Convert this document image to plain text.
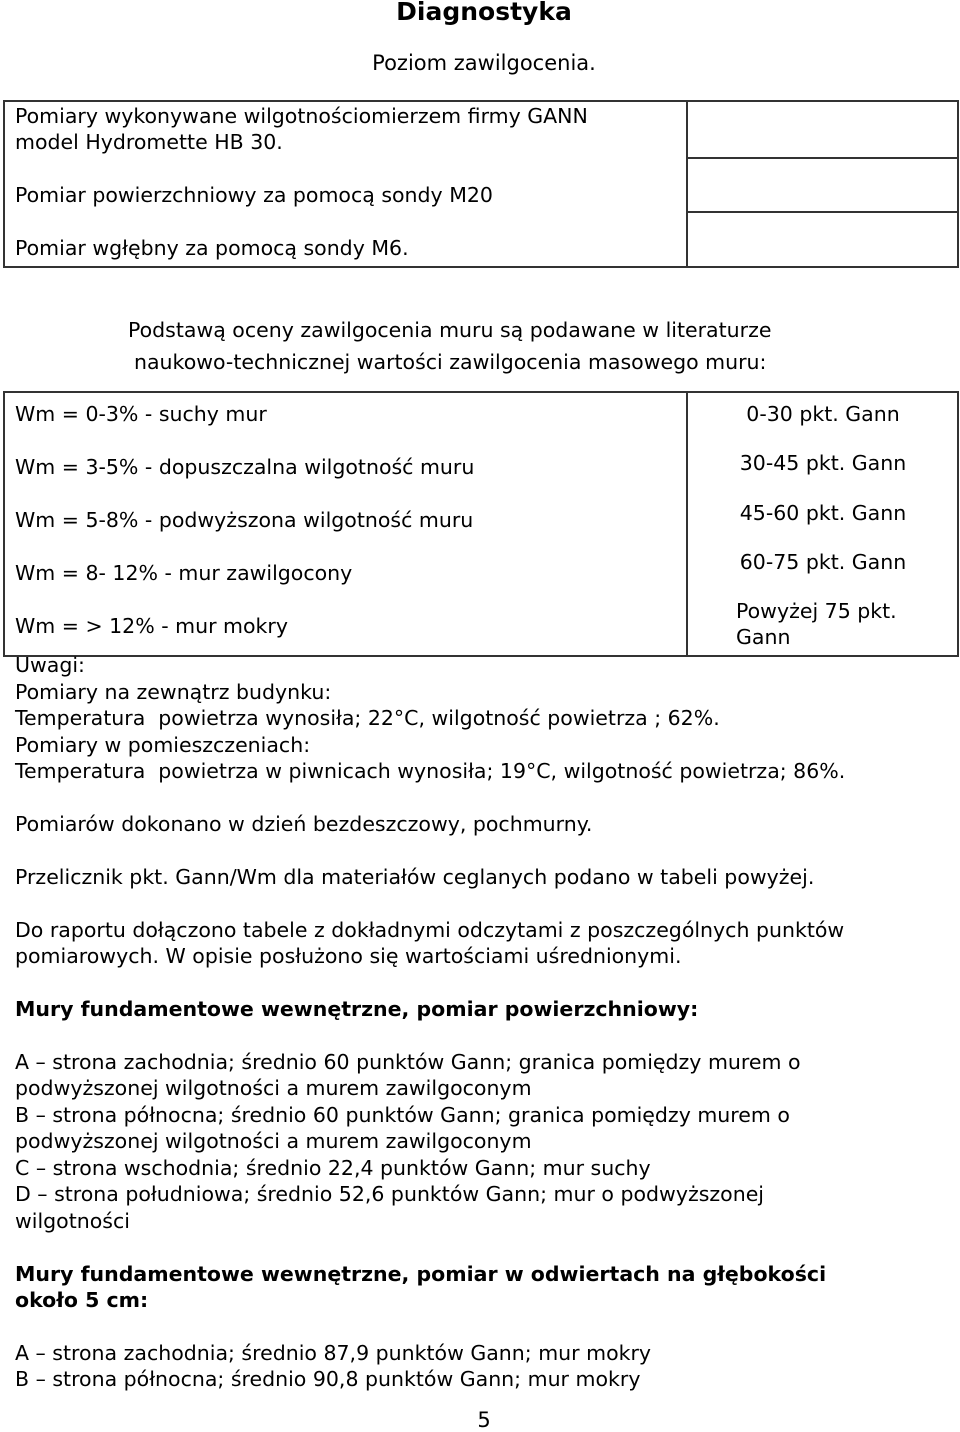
Diagnostyka
Poziom zawilgocenia.
Pomiary wykonywane wilgotnościomierzem firmy GANN
model Hydromette HB 30.
Pomiar powierzchniowy za pomocą sondy M20
Pomiar wgłębny za pomocą sondy M6.
Podstawą oceny zawilgocenia muru są podawane w literaturze
naukowo-technicznej wartości zawilgocenia masowego muru:
Wm = 0-3% - suchy mur
Wm = 3-5% - dopuszczalna wilgotność muru
Wm = 5-8% - podwyższona wilgotność muru
Wm = 8- 12% - mur zawilgocony
Wm = > 12% - mur mokry
0-30 pkt. Gann
30-45 pkt. Gann
45-60 pkt. Gann
60-75 pkt. Gann
Powyżej 75 pkt.
Gann
Uwagi:
Pomiary na zewnątrz budynku:
Temperatura  powietrza wynosiła; 22°C, wilgotność powietrza ; 62%.
Pomiary w pomieszczeniach:
Temperatura  powietrza w piwnicach wynosiła; 19°C, wilgotność powietrza; 86%.
Pomiarów dokonano w dzień bezdeszczowy, pochmurny.
Przelicznik pkt. Gann/Wm dla materiałów ceglanych podano w tabeli powyżej.
Do raportu dołączono tabele z dokładnymi odczytami z poszczególnych punktów
pomiarowych. W opisie posłużono się wartościami uśrednionymi.
Mury fundamentowe wewnętrzne, pomiar powierzchniowy:
A – strona zachodnia; średnio 60 punktów Gann; granica pomiędzy murem o
podwyższonej wilgotności a murem zawilgoconym
B – strona północna; średnio 60 punktów Gann; granica pomiędzy murem o
podwyższonej wilgotności a murem zawilgoconym
C – strona wschodnia; średnio 22,4 punktów Gann; mur suchy
D – strona południowa; średnio 52,6 punktów Gann; mur o podwyższonej
wilgotności
Mury fundamentowe wewnętrzne, pomiar w odwiertach na głębokości
około 5 cm:
A – strona zachodnia; średnio 87,9 punktów Gann; mur mokry
B – strona północna; średnio 90,8 punktów Gann; mur mokry
5
